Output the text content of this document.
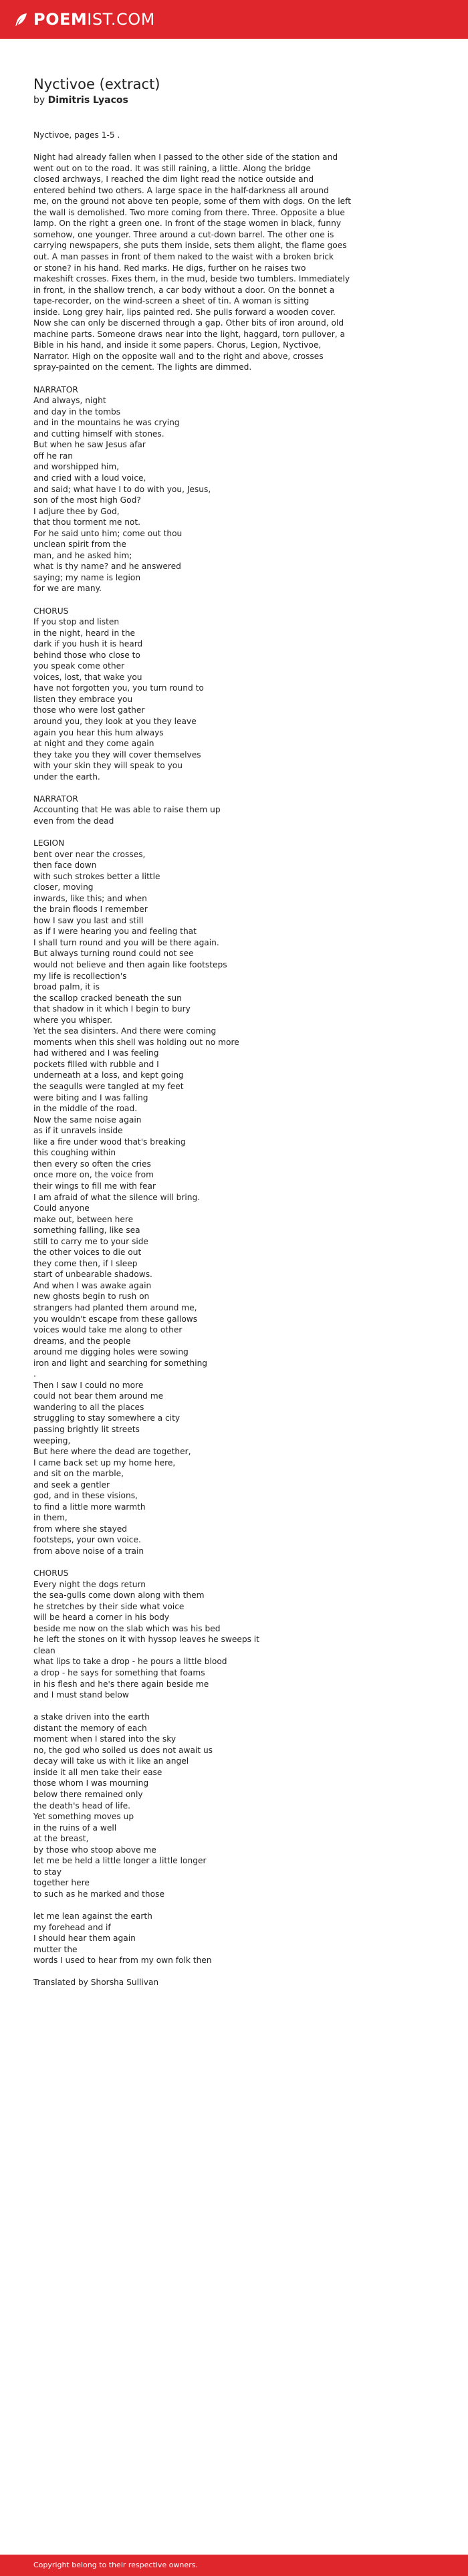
POEMIST.COM
Nyctivoe (extract)

by Dimitris Lyacos

Nyctivoe, pages 1-5 .

Night had already fallen when I passed to the other side of the station and
went out on to the road. It was still raining, a little. Along the bridge
closed archways, I reached the dim light read the notice outside and
entered behind two others. A large space in the half-darkness all around
me, on the ground not above ten people, some of them with dogs. On the left
the wall is demolished. Two more coming from there. Three. Opposite a blue
lamp. On the right a green one. In front of the stage women in black, funny
somehow, one younger. Three around a cut-down barrel. The other one is
carrying newspapers, she puts them inside, sets them alight, the flame goes
out. A man passes in front of them naked to the waist with a broken brick
or stone? in his hand. Red marks. He digs, further on he raises two
makeshift crosses. Fixes them, in the mud, beside two tumblers. Immediately
in front, in the shallow trench, a car body without a door. On the bonnet a
tape-recorder, on the wind-screen a sheet of tin. A woman is sitting
inside. Long grey hair, lips painted red. She pulls forward a wooden cover.
Now she can only be discerned through a gap. Other bits of iron around, old
machine parts. Someone draws near into the light, haggard, torn pullover, a
Bible in his hand, and inside it some papers. Chorus, Legion, Nyctivoe,
Narrator. High on the opposite wall and to the right and above, crosses
spray-painted on the cement. The lights are dimmed.

NARRATOR
And always, night
and day in the tombs
and in the mountains he was crying
and cutting himself with stones.
But when he saw Jesus afar
off he ran
and worshipped him,
and cried with a loud voice,
and said; what have I to do with you, Jesus,
son of the most high God?
I adjure thee by God,
that thou torment me not.
For he said unto him; come out thou
unclean spirit from the
man, and he asked him;
what is thy name? and he answered
saying; my name is legion
for we are many.

CHORUS
If you stop and listen
in the night, heard in the
dark if you hush it is heard
behind those who close to
you speak come other
voices, lost, that wake you
have not forgotten you, you turn round to
listen they embrace you
those who were lost gather
around you, they look at you they leave
again you hear this hum always
at night and they come again
they take you they will cover themselves
with your skin they will speak to you
under the earth.

NARRATOR
Accounting that He was able to raise them up
even from the dead

LEGION
bent over near the crosses,
then face down
with such strokes better a little
closer, moving
inwards, like this; and when
the brain floods I remember
how I saw you last and still
as if I were hearing you and feeling that
I shall turn round and you will be there again.
But always turning round could not see
would not believe and then again like footsteps
my life is recollection's
broad palm, it is
the scallop cracked beneath the sun
that shadow in it which I begin to bury
where you whisper.
Yet the sea disinters. And there were coming
moments when this shell was holding out no more
had withered and I was feeling
pockets filled with rubble and I
underneath at a loss, and kept going
the seagulls were tangled at my feet
were biting and I was falling
in the middle of the road.
Now the same noise again
as if it unravels inside
like a fire under wood that's breaking
this coughing within
then every so often the cries
once more on, the voice from
their wings to fill me with fear
I am afraid of what the silence will bring.
Could anyone
make out, between here
something falling, like sea
still to carry me to your side
the other voices to die out
they come then, if I sleep
start of unbearable shadows.
And when I was awake again
new ghosts begin to rush on
strangers had planted them around me,
you wouldn't escape from these gallows
voices would take me along to other
dreams, and the people
around me digging holes were sowing
iron and light and searching for something
.
Then I saw I could no more
could not bear them around me
wandering to all the places
struggling to stay somewhere a city
passing brightly lit streets
weeping,
But here where the dead are together,
I came back set up my home here,
and sit on the marble,
and seek a gentler
god, and in these visions,
to find a little more warmth
in them,
from where she stayed
footsteps, your own voice.
from above noise of a train

CHORUS
Every night the dogs return
the sea-gulls come down along with them
he stretches by their side what voice
will be heard a corner in his body
beside me now on the slab which was his bed
he left the stones on it with hyssop leaves he sweeps it
clean
what lips to take a drop - he pours a little blood
a drop - he says for something that foams
in his flesh and he's there again beside me
and I must stand below

a stake driven into the earth
distant the memory of each
moment when I stared into the sky
no, the god who soiled us does not await us
decay will take us with it like an angel
inside it all men take their ease
those whom I was mourning
below there remained only
the death's head of life.
Yet something moves up
in the ruins of a well
at the breast,
by those who stoop above me
let me be held a little longer a little longer
to stay
together here
to such as he marked and those

let me lean against the earth
my forehead and if
I should hear them again
mutter the
words I used to hear from my own folk then

Translated by Shorsha Sullivan
Copyright belong to their respective owners.
